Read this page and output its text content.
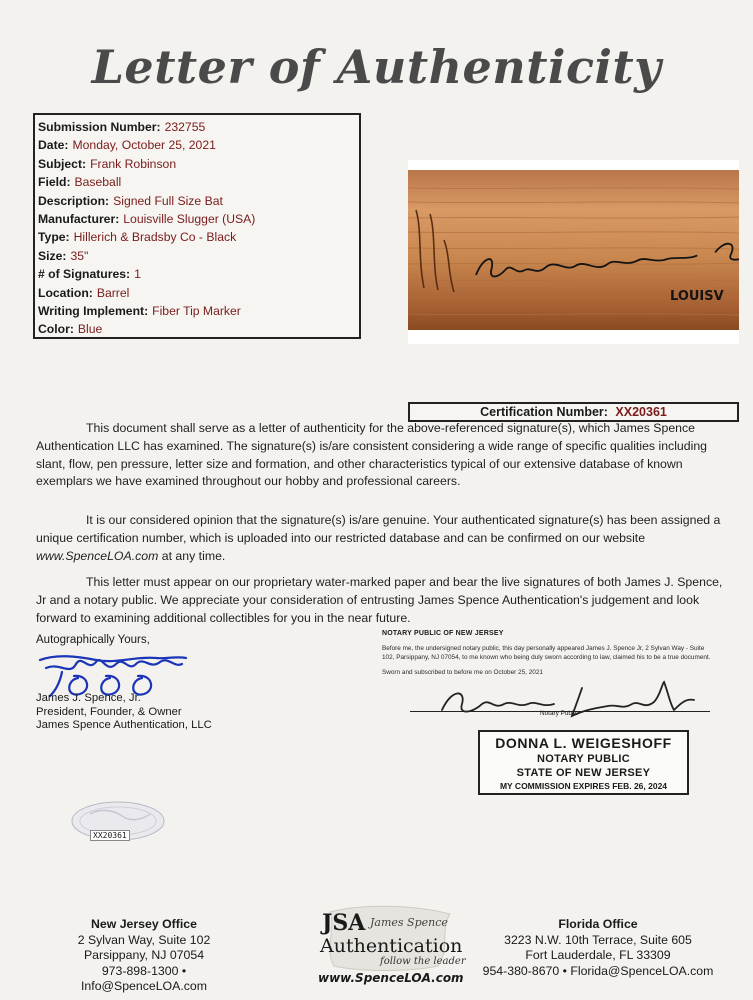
Letter of Authenticity
Submission Number: 232755
Date: Monday, October 25, 2021
Subject: Frank Robinson
Field: Baseball
Description: Signed Full Size Bat
Manufacturer: Louisville Slugger (USA)
Type: Hillerich & Bradsby Co - Black
Size: 35"
# of Signatures: 1
Location: Barrel
Writing Implement: Fiber Tip Marker
Color: Blue
LOUISV
Certification Number: XX20361
This document shall serve as a letter of authenticity for the above-referenced signature(s), which James Spence Authentication LLC has examined. The signature(s) is/are consistent considering a wide range of specific qualities including slant, flow, pen pressure, letter size and formation, and other characteristics typical of our extensive database of known exemplars we have examined throughout our hobby and professional careers.
It is our considered opinion that the signature(s) is/are genuine. Your authenticated signature(s) has been assigned a unique certification number, which is uploaded into our restricted database and can be confirmed on our website www.SpenceLOA.com at any time.
This letter must appear on our proprietary water-marked paper and bear the live signatures of both James J. Spence, Jr and a notary public. We appreciate your consideration of entrusting James Spence Authentication's judgement and look forward to examining additional collectibles for you in the near future.
Autographically Yours,
James J. Spence, Jr.
President, Founder, & Owner
James Spence Authentication, LLC
NOTARY PUBLIC OF NEW JERSEY
Before me, the undersigned notary public, this day personally appeared James J. Spence Jr, 2 Sylvan Way - Suite 102, Parsippany, NJ 07054, to me known who being duly sworn according to law, claimed his to be a true document.
Sworn and subscribed to before me on October 25, 2021
Notary Public
DONNA L. WEIGESHOFF
NOTARY PUBLIC
STATE OF NEW JERSEY
MY COMMISSION EXPIRES FEB. 26, 2024
XX20361
New Jersey Office
2 Sylvan Way, Suite 102
Parsippany, NJ 07054
973-898-1300 • Info@SpenceLOA.com
JSA James Spence
Authentication
follow the leader
www.SpenceLOA.com
Florida Office
3223 N.W. 10th Terrace, Suite 605
Fort Lauderdale, FL 33309
954-380-8670 • Florida@SpenceLOA.com
